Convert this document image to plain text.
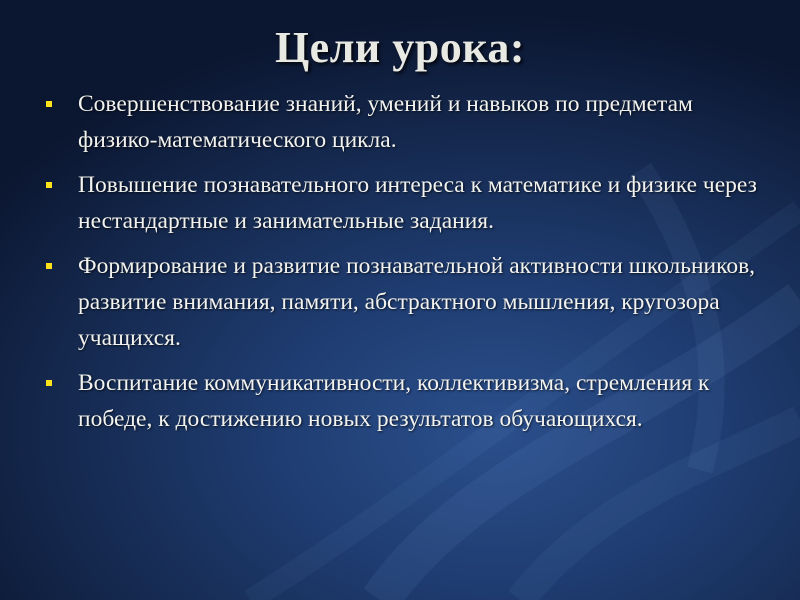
Цели урока:
Совершенствование знаний, умений и навыков по предметам физико-математического цикла.
Повышение познавательного интереса к математике и физике через нестандартные и занимательные задания.
Формирование и развитие познавательной активности школьников, развитие внимания, памяти, абстрактного мышления, кругозора учащихся.
Воспитание коммуникативности, коллективизма, стремления к победе, к достижению новых результатов обучающихся.
